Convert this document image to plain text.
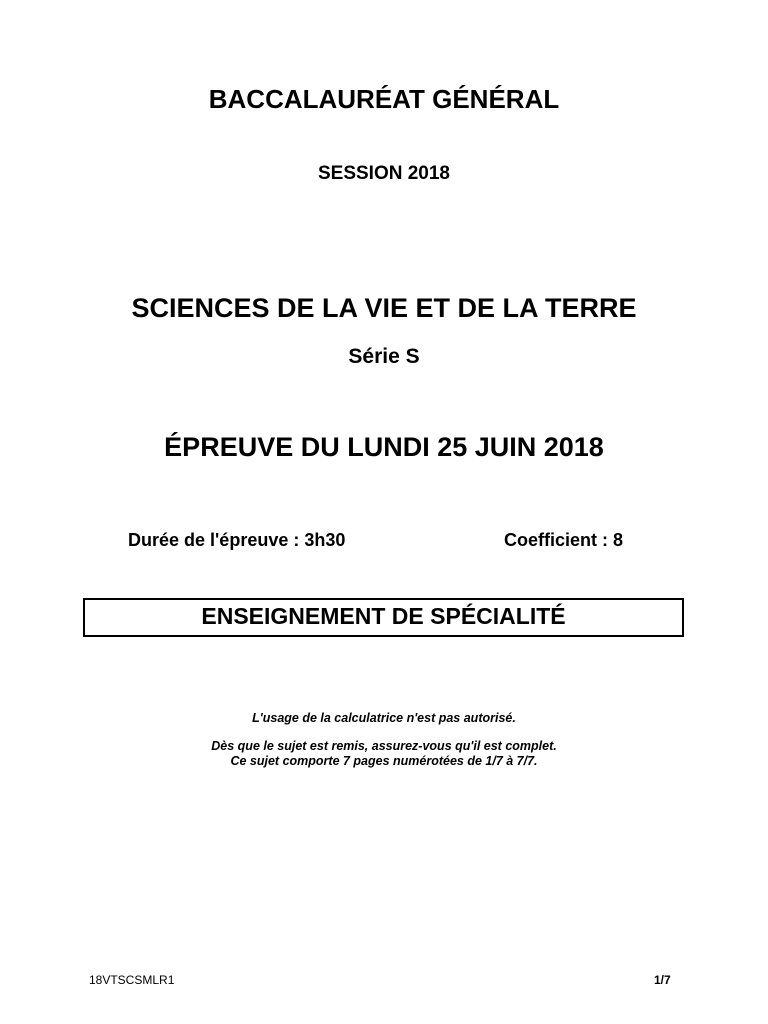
BACCALAURÉAT GÉNÉRAL
SESSION 2018
SCIENCES DE LA VIE ET DE LA TERRE
Série S
ÉPREUVE DU LUNDI 25 JUIN 2018
Durée de l'épreuve : 3h30	Coefficient : 8
ENSEIGNEMENT DE SPÉCIALITÉ
L'usage de la calculatrice n'est pas autorisé.
Dès que le sujet est remis, assurez-vous qu'il est complet.
Ce sujet comporte 7 pages numérotées de 1/7 à 7/7.
18VTSCSMLR1	1/7
